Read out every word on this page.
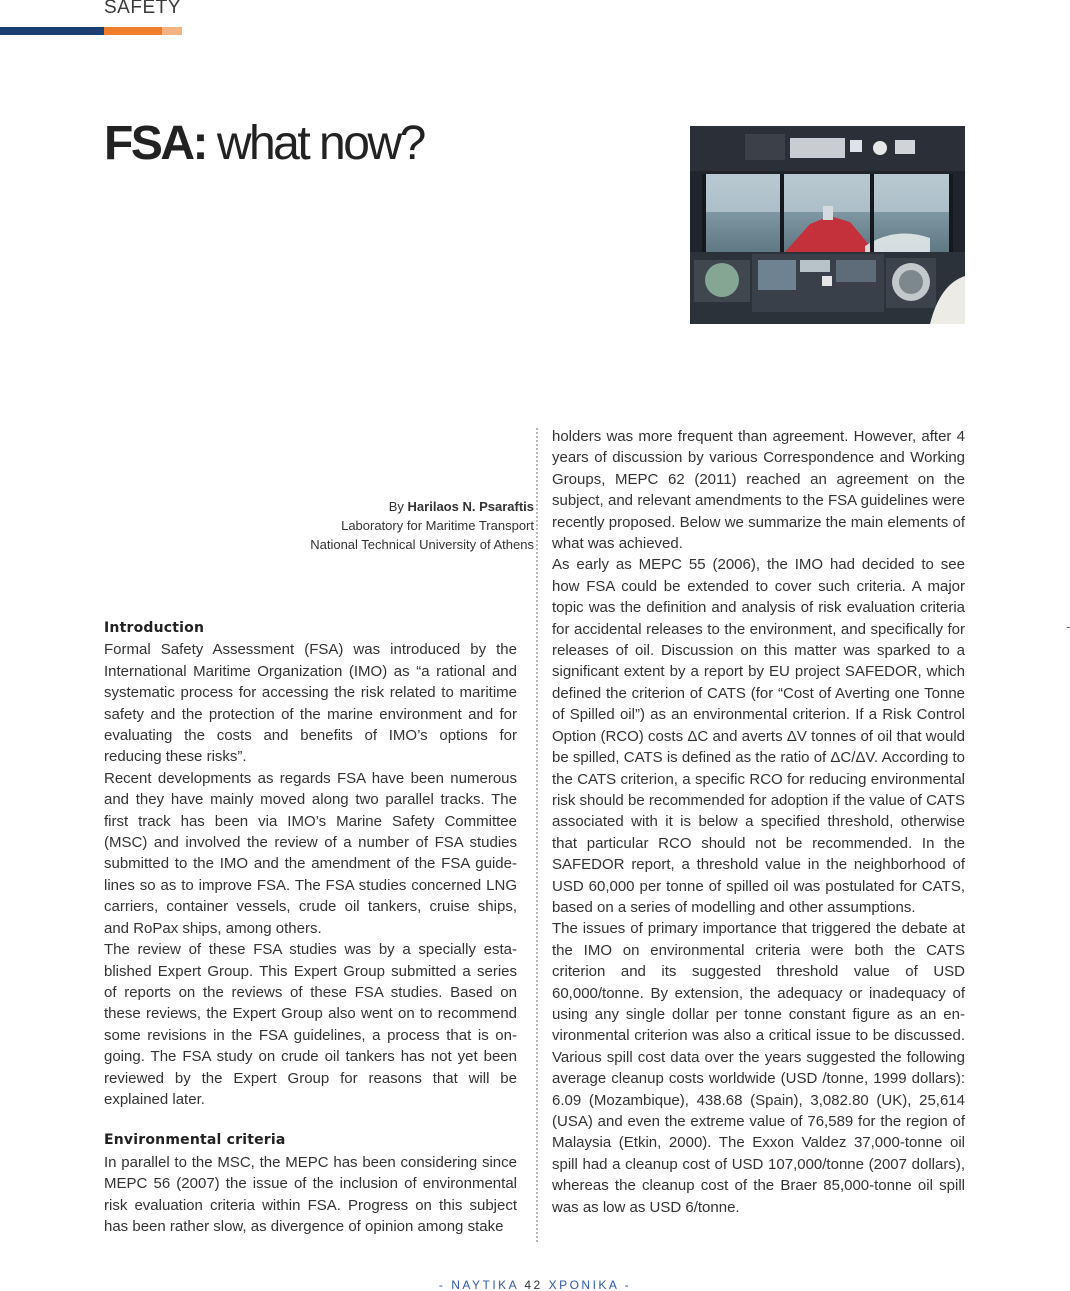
SAFETY
FSA: what now?
By Harilaos N. Psaraftis
Laboratory for Maritime Transport
National Technical University of Athens
Introduction

Formal Safety Assessment (FSA) was introduced by the International Maritime Organization (IMO) as “a rational and systematic process for accessing the risk related to maritime safety and the protection of the marine environment and for evaluating the costs and benefits of IMO’s options for reducing these risks”.

Recent developments as regards FSA have been numerous and they have mainly moved along two parallel tracks. The first track has been via IMO’s Marine Safety Committee (MSC) and involved the review of a number of FSA studies submitted to the IMO and the amendment of the FSA guidelines so as to improve FSA. The FSA studies concerned LNG carriers, container vessels, crude oil tankers, cruise ships, and RoPax ships, among others.

The review of these FSA studies was by a specially established Expert Group. This Expert Group submitted a series of reports on the reviews of these FSA studies. Based on these reviews, the Expert Group also went on to recommend some revisions in the FSA guidelines, a process that is ongoing. The FSA study on crude oil tankers has not yet been reviewed by the Expert Group for reasons that will be explained later.

Environmental criteria

In parallel to the MSC, the MEPC has been considering since MEPC 56 (2007) the issue of the inclusion of environmental risk evaluation criteria within FSA. Progress on this subject has been rather slow, as divergence of opinion among stake

holders was more frequent than agreement. However, after 4 years of discussion by various Correspondence and Working Groups, MEPC 62 (2011) reached an agreement on the subject, and relevant amendments to the FSA guidelines were recently proposed. Below we summarize the main elements of what was achieved.

As early as MEPC 55 (2006), the IMO had decided to see how FSA could be extended to cover such criteria. A major topic was the definition and analysis of risk evaluation criteria for accidental releases to the environment, and specifically for releases of oil. Discussion on this matter was sparked to a significant extent by a report by EU project SAFEDOR, which defined the criterion of CATS (for “Cost of Averting one Tonne of Spilled oil”) as an environmental criterion. If a Risk Control Option (RCO) costs ΔC and averts ΔV tonnes of oil that would be spilled, CATS is defined as the ratio of ΔC/ΔV. According to the CATS criterion, a specific RCO for reducing environmental risk should be recommended for adoption if the value of CATS associated with it is below a specified threshold, otherwise that particular RCO should not be recommended. In the SAFEDOR report, a threshold value in the neighborhood of USD 60,000 per tonne of spilled oil was postulated for CATS, based on a series of modelling and other assumptions.

The issues of primary importance that triggered the debate at the IMO on environmental criteria were both the CATS criterion and its suggested threshold value of USD 60,000/tonne. By extension, the adequacy or inadequacy of using any single dollar per tonne constant figure as an environmental criterion was also a critical issue to be discussed. Various spill cost data over the years suggested the following average cleanup costs worldwide (USD /tonne, 1999 dollars): 6.09 (Mozambique), 438.68 (Spain), 3,082.80 (UK), 25,614 (USA) and even the extreme value of 76,589 for the region of Malaysia (Etkin, 2000). The Exxon Valdez 37,000-tonne oil spill had a cleanup cost of USD 107,000/tonne (2007 dollars), whereas the cleanup cost of the Braer 85,000-tonne oil spill was as low as USD 6/tonne.

-
- ΝΑΥΤΙΚΑ 42 ΧΡΟΝΙΚΑ -
